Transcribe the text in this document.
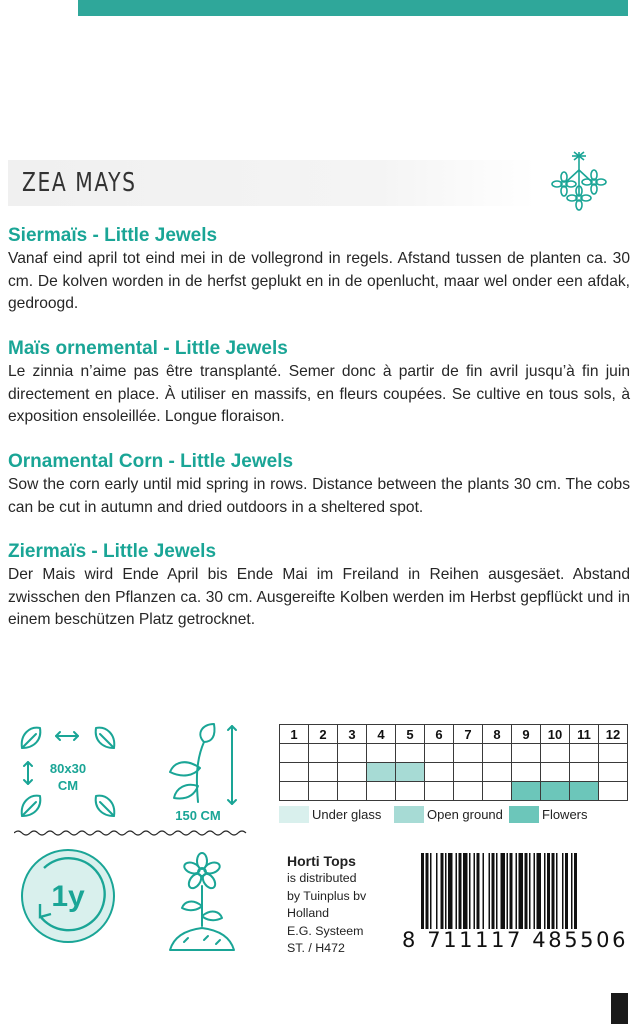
ZEA MAYS
Siermaïs - Little Jewels
Vanaf eind april tot eind mei in de vollegrond in regels. Afstand tussen de planten ca. 30 cm. De kolven worden in de herfst geplukt en in de openlucht, maar wel onder een afdak, gedroogd.
Maïs ornemental - Little Jewels
Le zinnia n’aime pas être transplanté. Semer donc à partir de fin avril jusqu’à fin juin directement en place. À utiliser en massifs, en fleurs coupées. Se cultive en tous sols, à exposition ensoleillée. Longue floraison.
Ornamental Corn - Little Jewels
Sow the corn early until mid spring in rows. Distance between the plants 30 cm. The cobs can be cut in autumn and dried outdoors in a sheltered spot.
Ziermaïs - Little Jewels
Der Mais wird Ende April bis Ende Mai im Freiland in Reihen ausgesäet. Abstand zwisschen den Pflanzen ca. 30 cm. Ausgereifte Kolben werden im Herbst gepflückt und in einem beschützen Platz getrocknet.
80x30
CM
150 CM
1y
1	2	3	4	5	6	7	8	9	10	11	12

Under glass	Open ground	Flowers
Horti Tops
is distributed
by Tuinplus bv
Holland
E.G. Systeem
ST. / H472	8 711117 485506
